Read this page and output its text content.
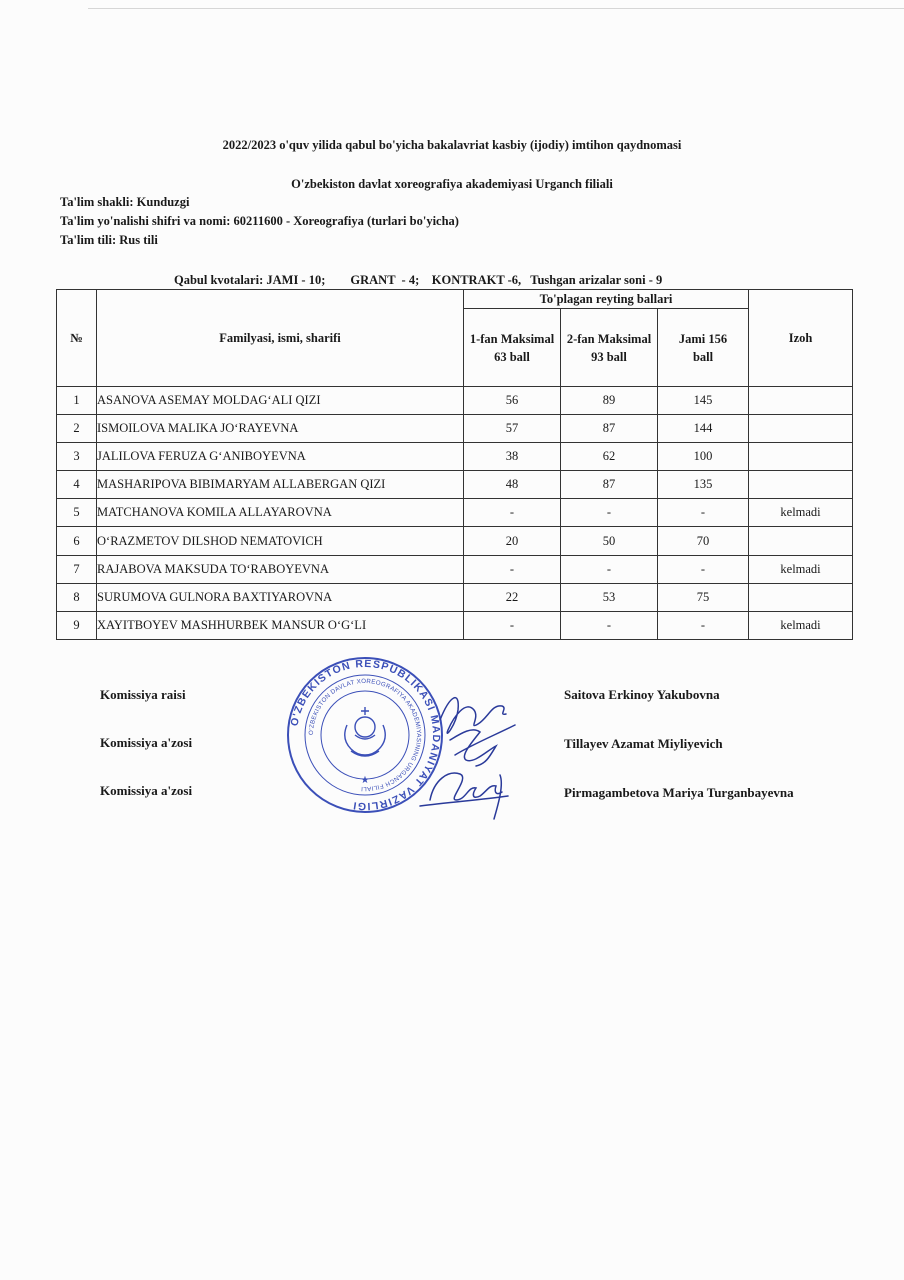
2022/2023 o'quv yilida qabul bo'yicha bakalavriat kasbiy (ijodiy) imtihon qaydnomasi
O'zbekiston davlat xoreografiya akademiyasi Urganch filiali
Ta'lim shakli: Kunduzgi
Ta'lim yo'nalishi shifri va nomi: 60211600 - Xoreografiya (turlari bo'yicha)
Ta'lim tili: Rus tili
Qabul kvotalari: JAMI - 10;        GRANT  - 4;    KONTRAKT -6,   Tushgan arizalar soni - 9
№	Familyasi, ismi, sharifi	To'plagan reyting ballari			Izoh
		1-fan Maksimal 63 ball	2-fan Maksimal 93 ball	Jami 156 ball	
1	ASANOVA ASEMAY MOLDAG‘ALI QIZI	56	89	145	
2	ISMOILOVA MALIKA JO‘RAYEVNA	57	87	144	
3	JALILOVA FERUZA G‘ANIBOYEVNA	38	62	100	
4	MASHARIPOVA BIBIMARYAM ALLABERGAN QIZI	48	87	135	
5	MATCHANOVA KOMILA ALLAYAROVNA	-	-	-	kelmadi
6	O‘RAZMETOV DILSHOD NEMATOVICH	20	50	70	
7	RAJABOVA MAKSUDA TO‘RABOYEVNA	-	-	-	kelmadi
8	SURUMOVA GULNORA BAXTIYAROVNA	22	53	75	
9	XAYITBOYEV MASHHURBEK MANSUR O‘G‘LI	-	-	-	kelmadi
Komissiya raisi
Komissiya a'zosi
Komissiya a'zosi
Saitova Erkinoy Yakubovna
Tillayev Azamat Miyliyevich
Pirmagambetova Mariya Turganbayevna
O'ZBEKISTON RESPUBLIKASI MADANIYAT VAZIRLIGI
O'ZBEKISTON DAVLAT XOREOGRAFIYA AKADEMIYASINING URGANCH FILIALI
★
